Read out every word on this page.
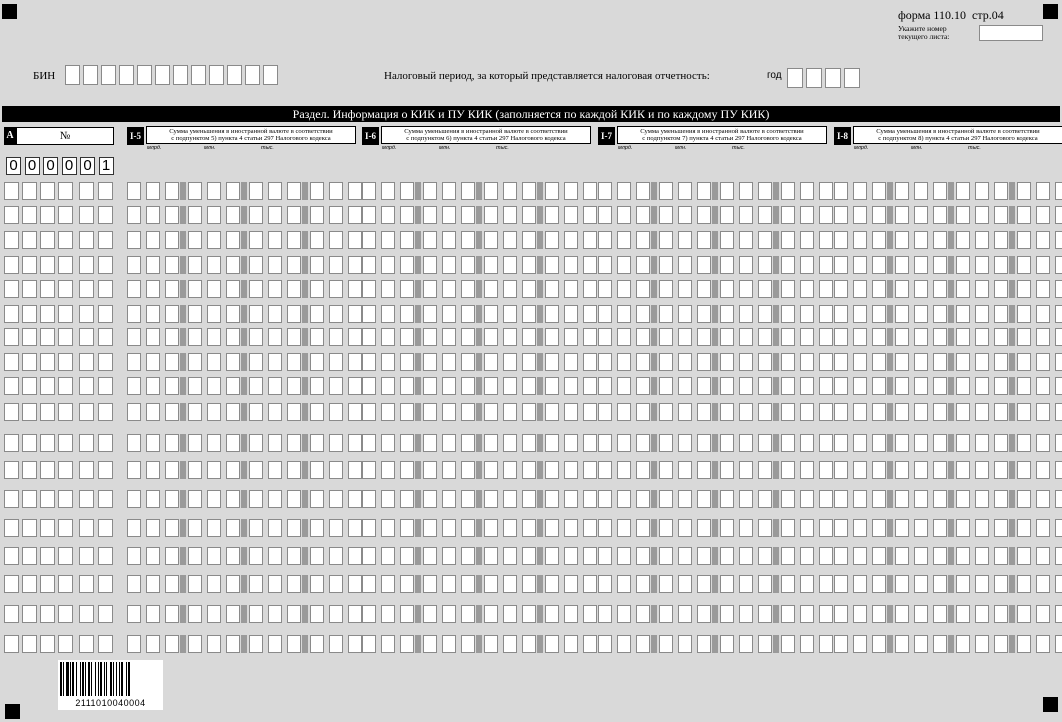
форма 110.10 стр.04
Укажите номер
текущего листа:
БИН	Налоговый период, за который представляется налоговая отчетность:	год
Раздел. Информация о КИК и ПУ КИК (заполняется по каждой КИК и по каждому ПУ КИК)
A	№	I-5	Сумма уменьшения в иностранной валюте в соответствии
с подпунктом 5) пункта 4 статьи 297 Налогового кодекса
млрд.	млн.	тыс.
I-6	Сумма уменьшения в иностранной валюте в соответствии
с подпунктом 6) пункта 4 статьи 297 Налогового кодекса
млрд.	млн.	тыс.
I-7	Сумма уменьшения в иностранной валюте в соответствии
с подпунктом 7) пункта 4 статьи 297 Налогового кодекса
млрд.	млн.	тыс.
I-8	Сумма уменьшения в иностранной валюте в соответствии
с подпунктом 8) пункта 4 статьи 297 Налогового кодекса
млрд.	млн.	тыс.
0 0 0 0 0 1
2111010040004
